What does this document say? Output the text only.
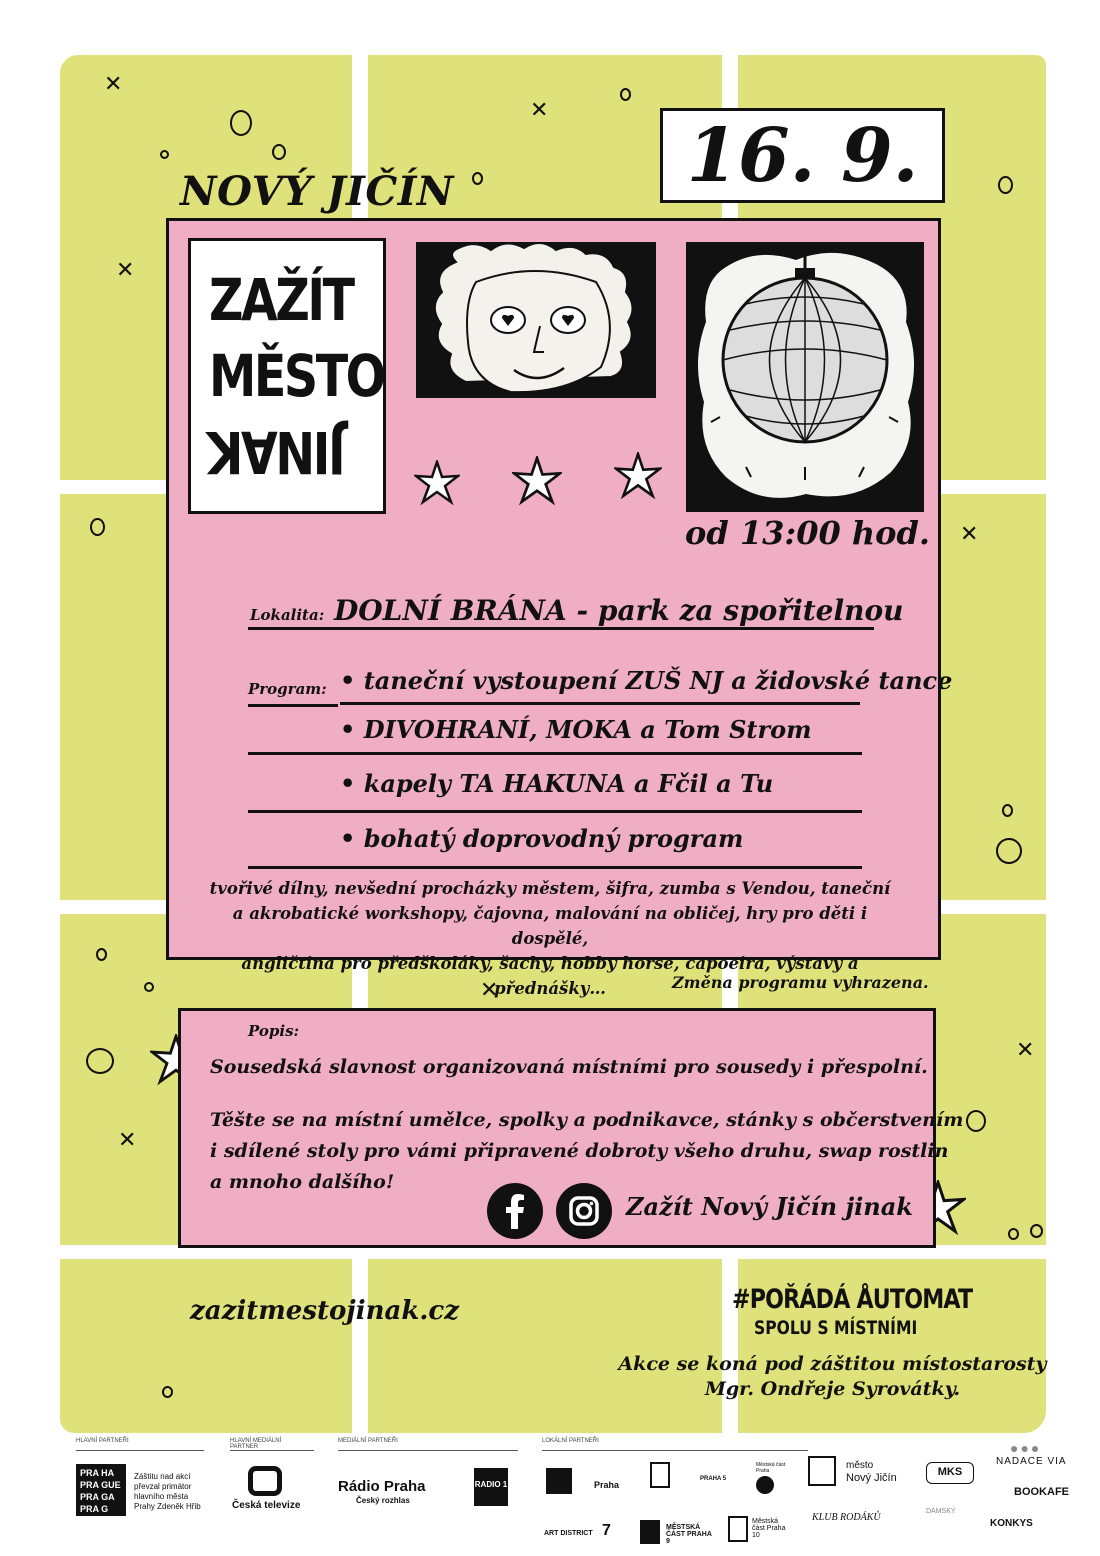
✕
✕
✕
✕
✕
✕
✕
NOVÝ JIČÍN	16. 9.
ZAŽÍT
MĚSTO
JINAK
od 13:00 hod.
Lokalita: DOLNÍ BRÁNA - park za spořitelnou
Program: • taneční vystoupení ZUŠ NJ a židovské tance
• DIVOHRANÍ, MOKA a Tom Strom
• kapely TA HAKUNA a Fčil a Tu
• bohatý doprovodný program
tvořivé dílny, nevšední procházky městem, šifra, zumba s Vendou, taneční
a akrobatické workshopy, čajovna, malování na obličej, hry pro děti i dospělé,
angličtina pro předškoláky, šachy, hobby horse, capoeira, výstavy a přednášky…	Změna programu vyhrazena.
Popis:
Sousedská slavnost organizovaná místními pro sousedy i přespolní.
Těšte se na místní umělce, spolky a podnikavce, stánky s občerstvením
i sdílené stoly pro vámi připravené dobroty všeho druhu, swap rostlin
a mnoho dalšího!
Zažít Nový Jičín jinak
zazitmestojinak.cz	#POŘÁDÁ ÅUTOMAT
SPOLU S MÍSTNÍMI
Akce se koná pod záštitou místostarosty
Mgr. Ondřeje Syrovátky.
HLAVNÍ PARTNEŘI	HLAVNÍ MEDIÁLNÍ PARTNER
MEDIÁLNÍ PARTNEŘI	LOKÁLNÍ PARTNEŘI
PRA HA
PRA GUE
PRA GA
PRA G
Záštitu nad akcí
převzal primátor
hlavního města
Prahy Zdeněk Hřib	Česká televize
Rádio Praha
Český rozhlas
RADIO 1	Praha
PRAHA 5
Městská část Praha	město
Nový Jičín	MKS
●●●
NADACE VIA
BOOKAFE
ART DISTRICT 7	MĚSTSKÁ ČÁST PRAHA 9
Městská část Praha 10
KLUB RODÁKŮ
DÁMSKÝ
KONKYS
